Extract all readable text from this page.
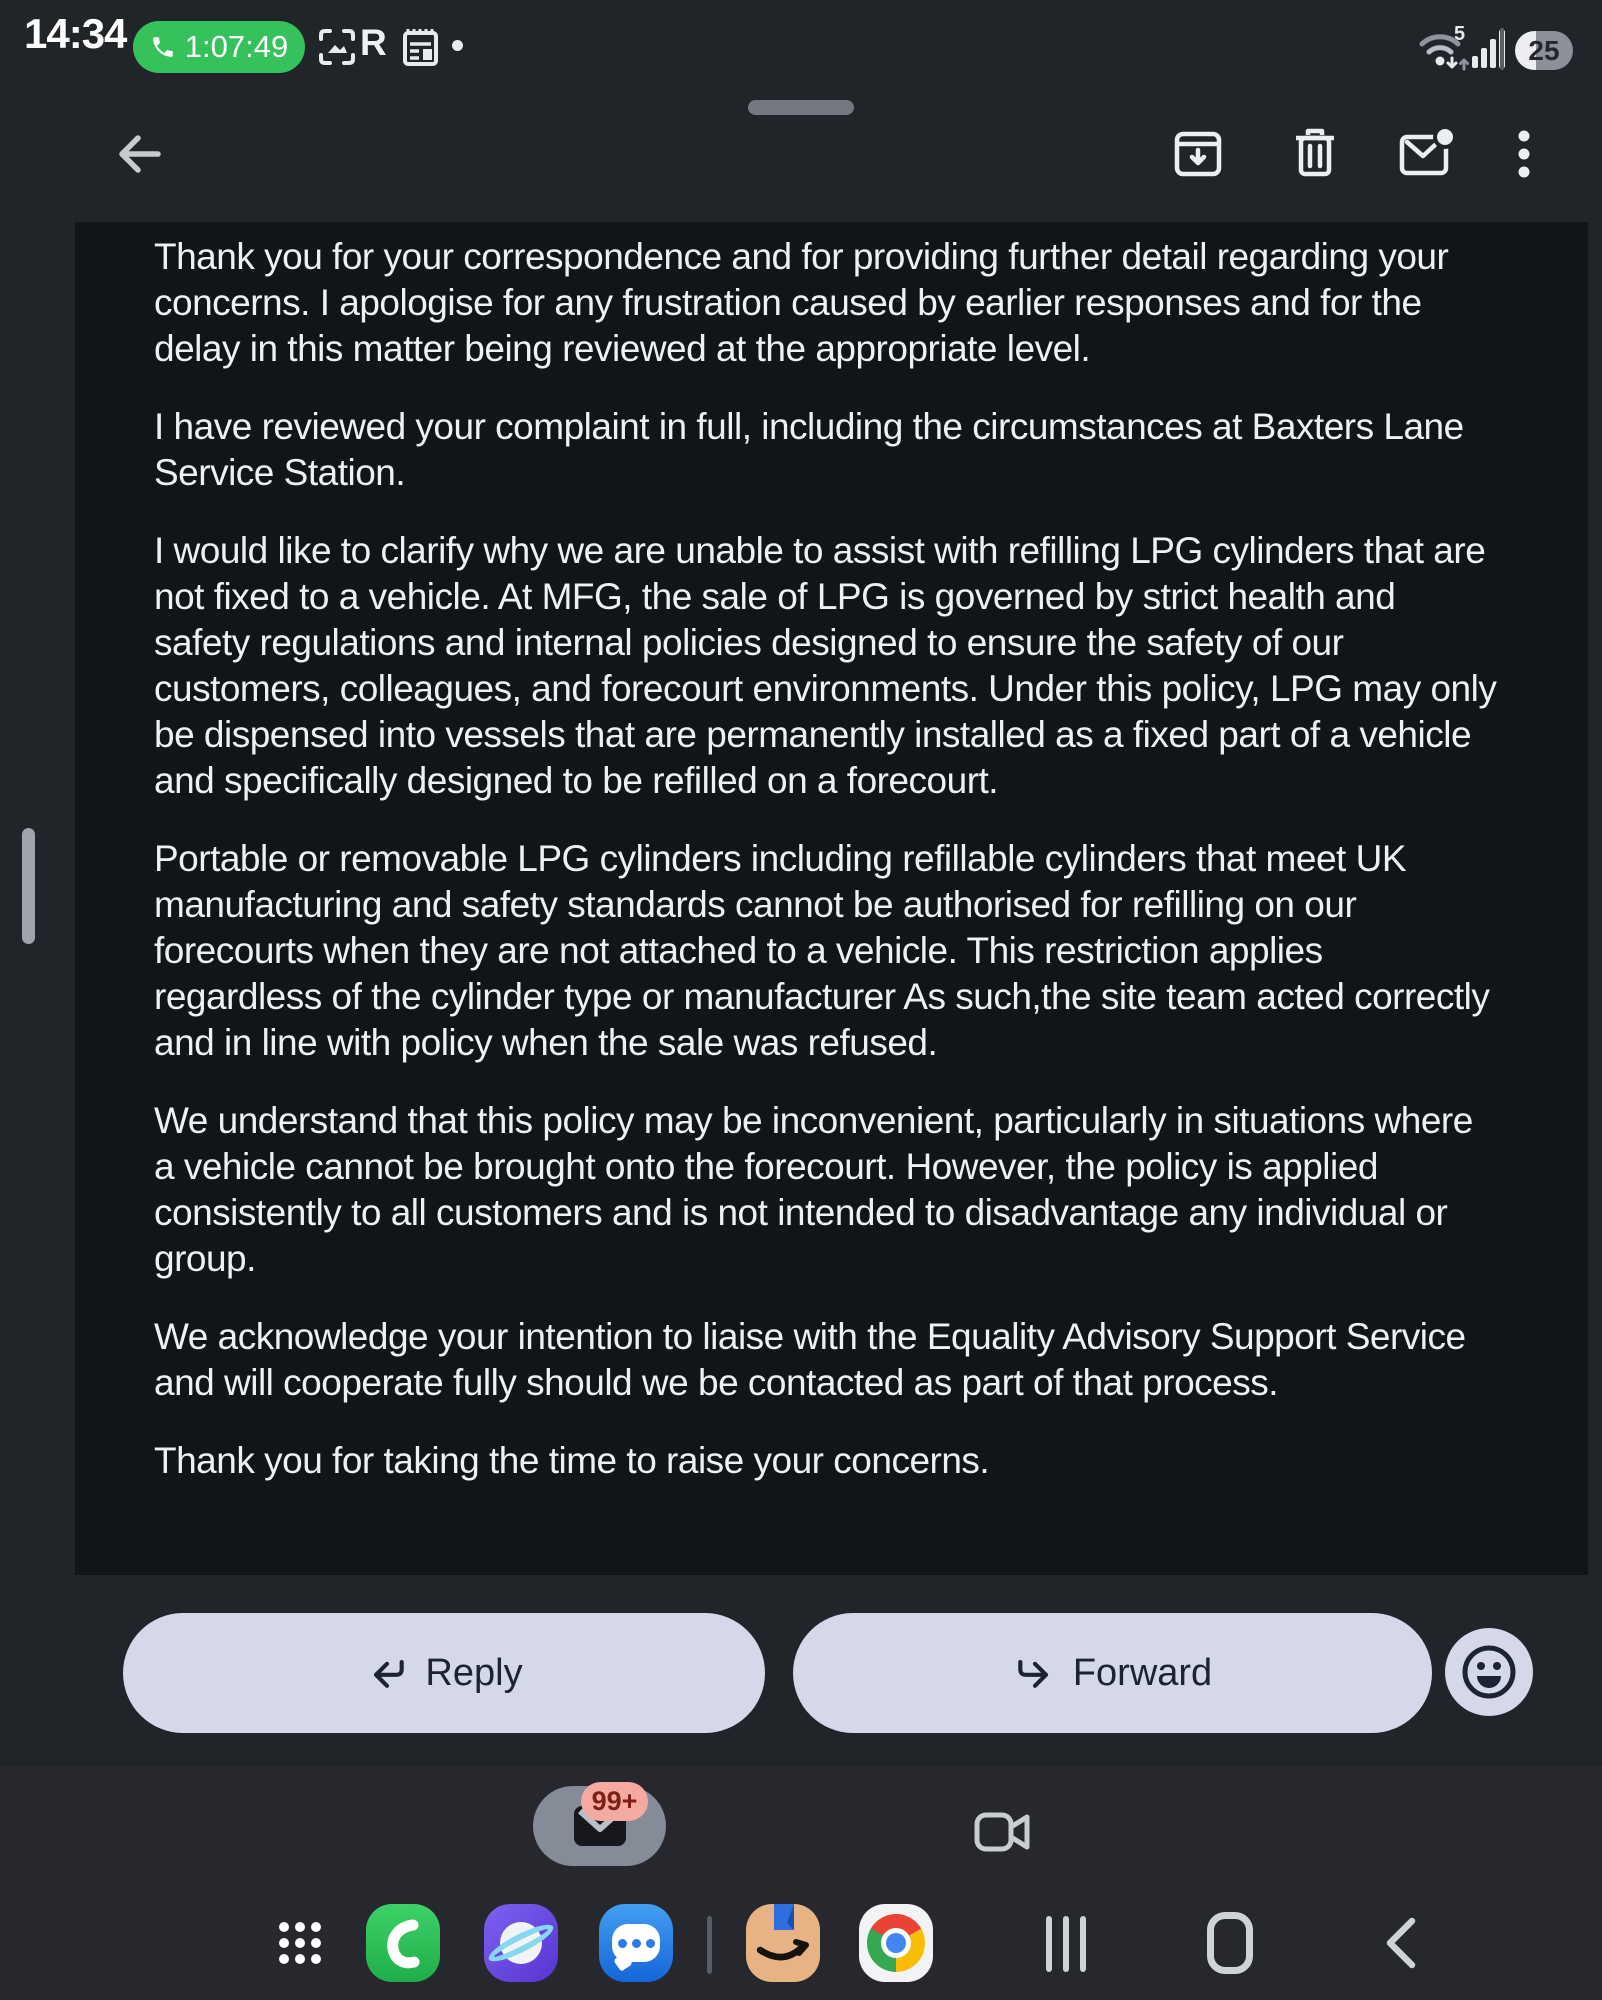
14:34 1:07:49 R	5
25

Thank you for your correspondence and for providing further detail regarding your concerns. I apologise for any frustration caused by earlier responses and for the delay in this matter being reviewed at the appropriate level.

I have reviewed your complaint in full, including the circumstances at Baxters Lane Service Station.

I would like to clarify why we are unable to assist with refilling LPG cylinders that are not fixed to a vehicle. At MFG, the sale of LPG is governed by strict health and safety regulations and internal policies designed to ensure the safety of our customers, colleagues, and forecourt environments. Under this policy, LPG may only be dispensed into vessels that are permanently installed as a fixed part of a vehicle and specifically designed to be refilled on a forecourt.

Portable or removable LPG cylinders including refillable cylinders that meet UK manufacturing and safety standards cannot be authorised for refilling on our forecourts when they are not attached to a vehicle. This restriction applies regardless of the cylinder type or manufacturer As such,the site team acted correctly and in line with policy when the sale was refused.

We understand that this policy may be inconvenient, particularly in situations where a vehicle cannot be brought onto the forecourt. However, the policy is applied consistently to all customers and is not intended to disadvantage any individual or group.

We acknowledge your intention to liaise with the Equality Advisory Support Service and will cooperate fully should we be contacted as part of that process.

Thank you for taking the time to raise your concerns.

Reply	Forward
99+
